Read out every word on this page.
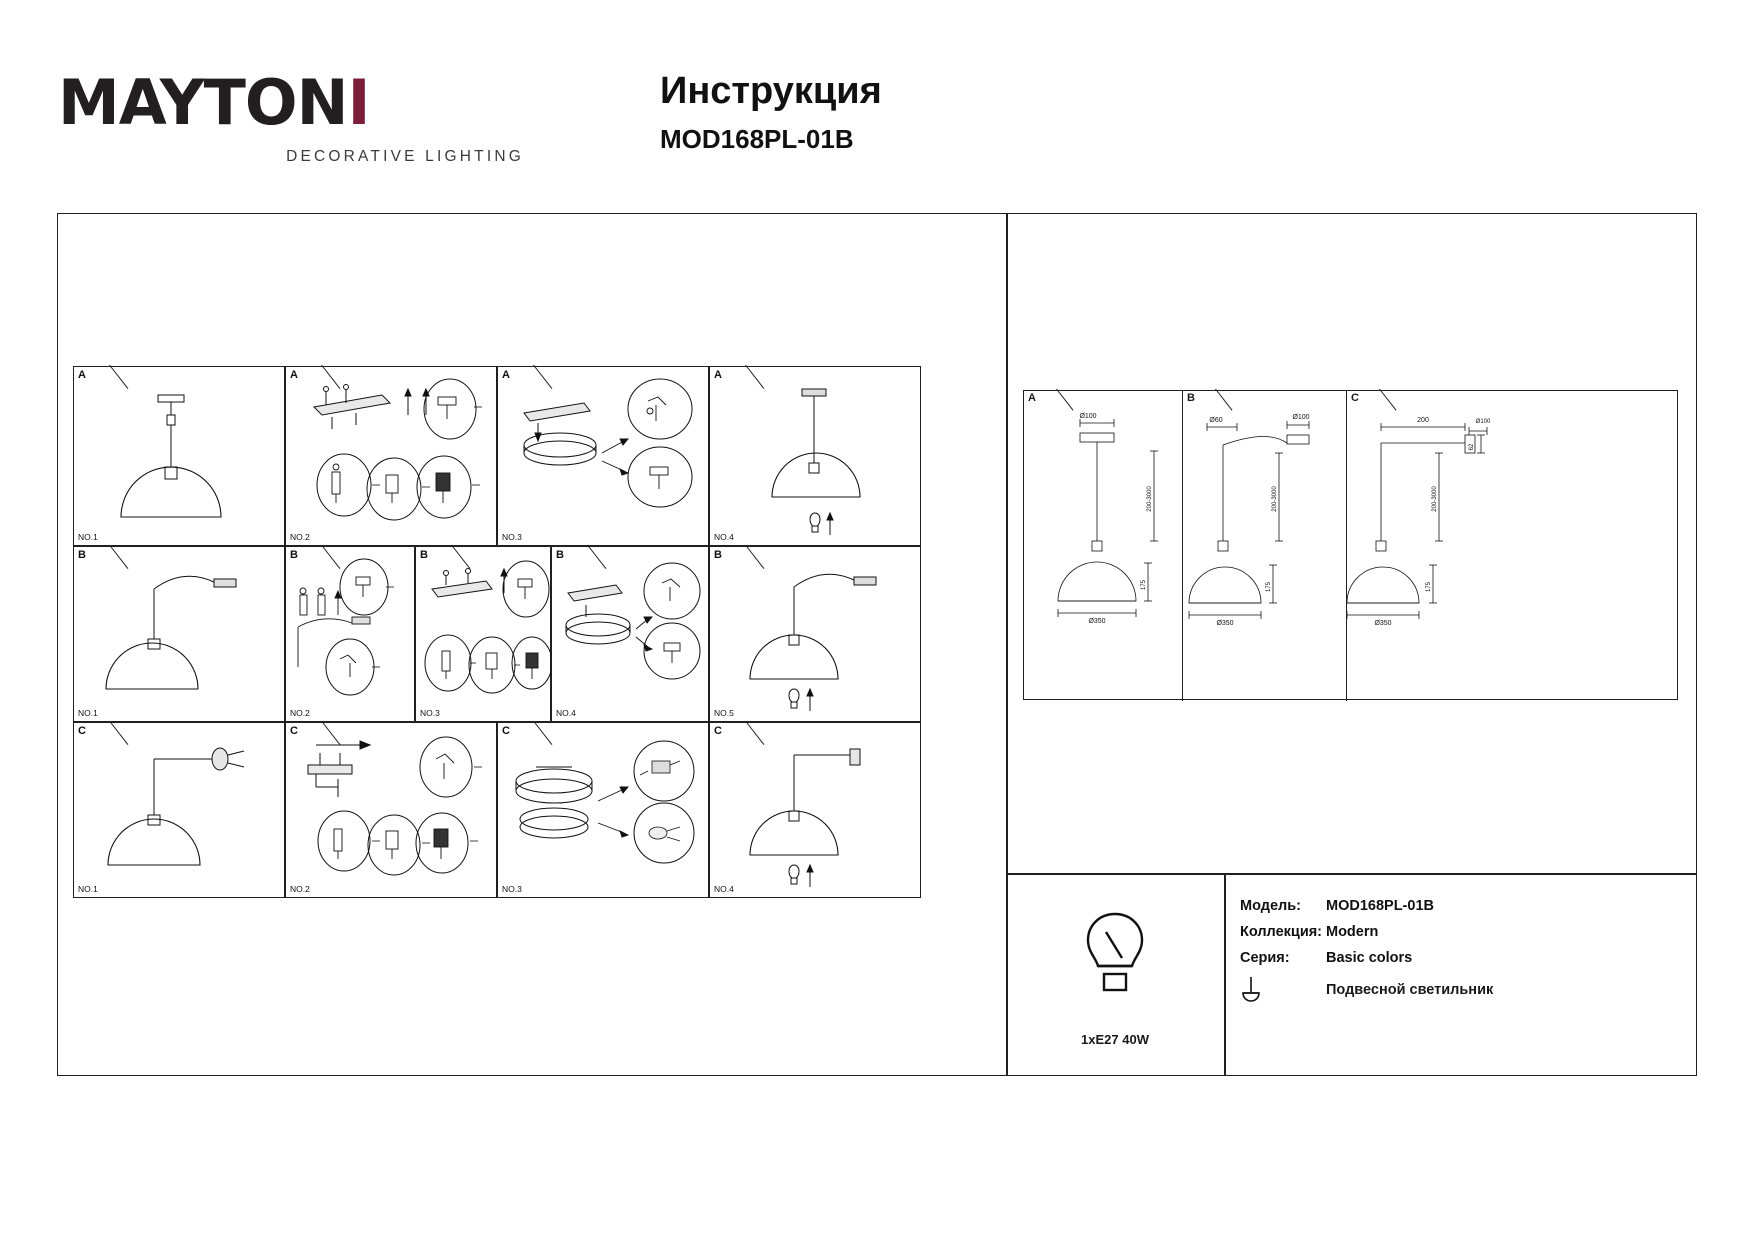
MAYTONI
DECORATIVE LIGHTING
Инструкция
MOD168PL-01B
A
NO.1
A
NO.2
A
NO.3
A
NO.4
B
NO.1
B
NO.2
B
NO.3
B
NO.4
B
NO.5
C
NO.1
C
NO.2
C
NO.3
C
NO.4
A
Ø100
200-3000
175
Ø350
B
Ø60	Ø100
200-3000
175
Ø350
C
200	Ø100
62
200-3000
175
Ø350
1xE27 40W
Модель:	MOD168PL-01B
Коллекция: Modern
Серия:	Basic colors
Подвесной светильник
